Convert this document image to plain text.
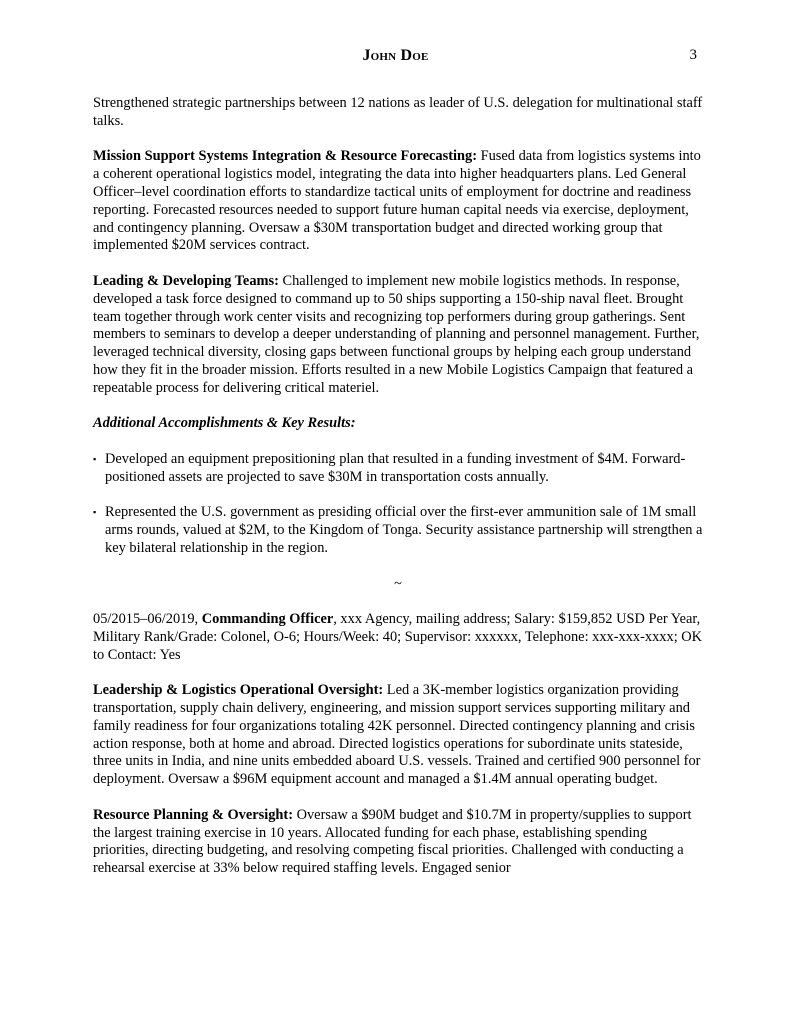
John Doe	3

Strengthened strategic partnerships between 12 nations as leader of U.S. delegation for multinational staff talks.

Mission Support Systems Integration & Resource Forecasting: Fused data from logistics systems into a coherent operational logistics model, integrating the data into higher headquarters plans. Led General Officer–level coordination efforts to standardize tactical units of employment for doctrine and readiness reporting. Forecasted resources needed to support future human capital needs via exercise, deployment, and contingency planning. Oversaw a $30M transportation budget and directed working group that implemented $20M services contract.

Leading & Developing Teams: Challenged to implement new mobile logistics methods. In response, developed a task force designed to command up to 50 ships supporting a 150-ship naval fleet. Brought team together through work center visits and recognizing top performers during group gatherings. Sent members to seminars to develop a deeper understanding of planning and personnel management. Further, leveraged technical diversity, closing gaps between functional groups by helping each group understand how they fit in the broader mission. Efforts resulted in a new Mobile Logistics Campaign that featured a repeatable process for delivering critical materiel.

Additional Accomplishments & Key Results:
▪ Developed an equipment prepositioning plan that resulted in a funding investment of $4M. Forward-positioned assets are projected to save $30M in transportation costs annually.
▪ Represented the U.S. government as presiding official over the first-ever ammunition sale of 1M small arms rounds, valued at $2M, to the Kingdom of Tonga. Security assistance partnership will strengthen a key bilateral relationship in the region.
~

05/2015–06/2019, Commanding Officer, xxx Agency, mailing address; Salary: $159,852 USD Per Year, Military Rank/Grade: Colonel, O-6; Hours/Week: 40; Supervisor: xxxxxx, Telephone: xxx-xxx-xxxx; OK to Contact: Yes

Leadership & Logistics Operational Oversight: Led a 3K-member logistics organization providing transportation, supply chain delivery, engineering, and mission support services supporting military and family readiness for four organizations totaling 42K personnel. Directed contingency planning and crisis action response, both at home and abroad. Directed logistics operations for subordinate units stateside, three units in India, and nine units embedded aboard U.S. vessels. Trained and certified 900 personnel for deployment. Oversaw a $96M equipment account and managed a $1.4M annual operating budget.

Resource Planning & Oversight: Oversaw a $90M budget and $10.7M in property/supplies to support the largest training exercise in 10 years. Allocated funding for each phase, establishing spending priorities, directing budgeting, and resolving competing fiscal priorities. Challenged with conducting a rehearsal exercise at 33% below required staffing levels. Engaged senior
